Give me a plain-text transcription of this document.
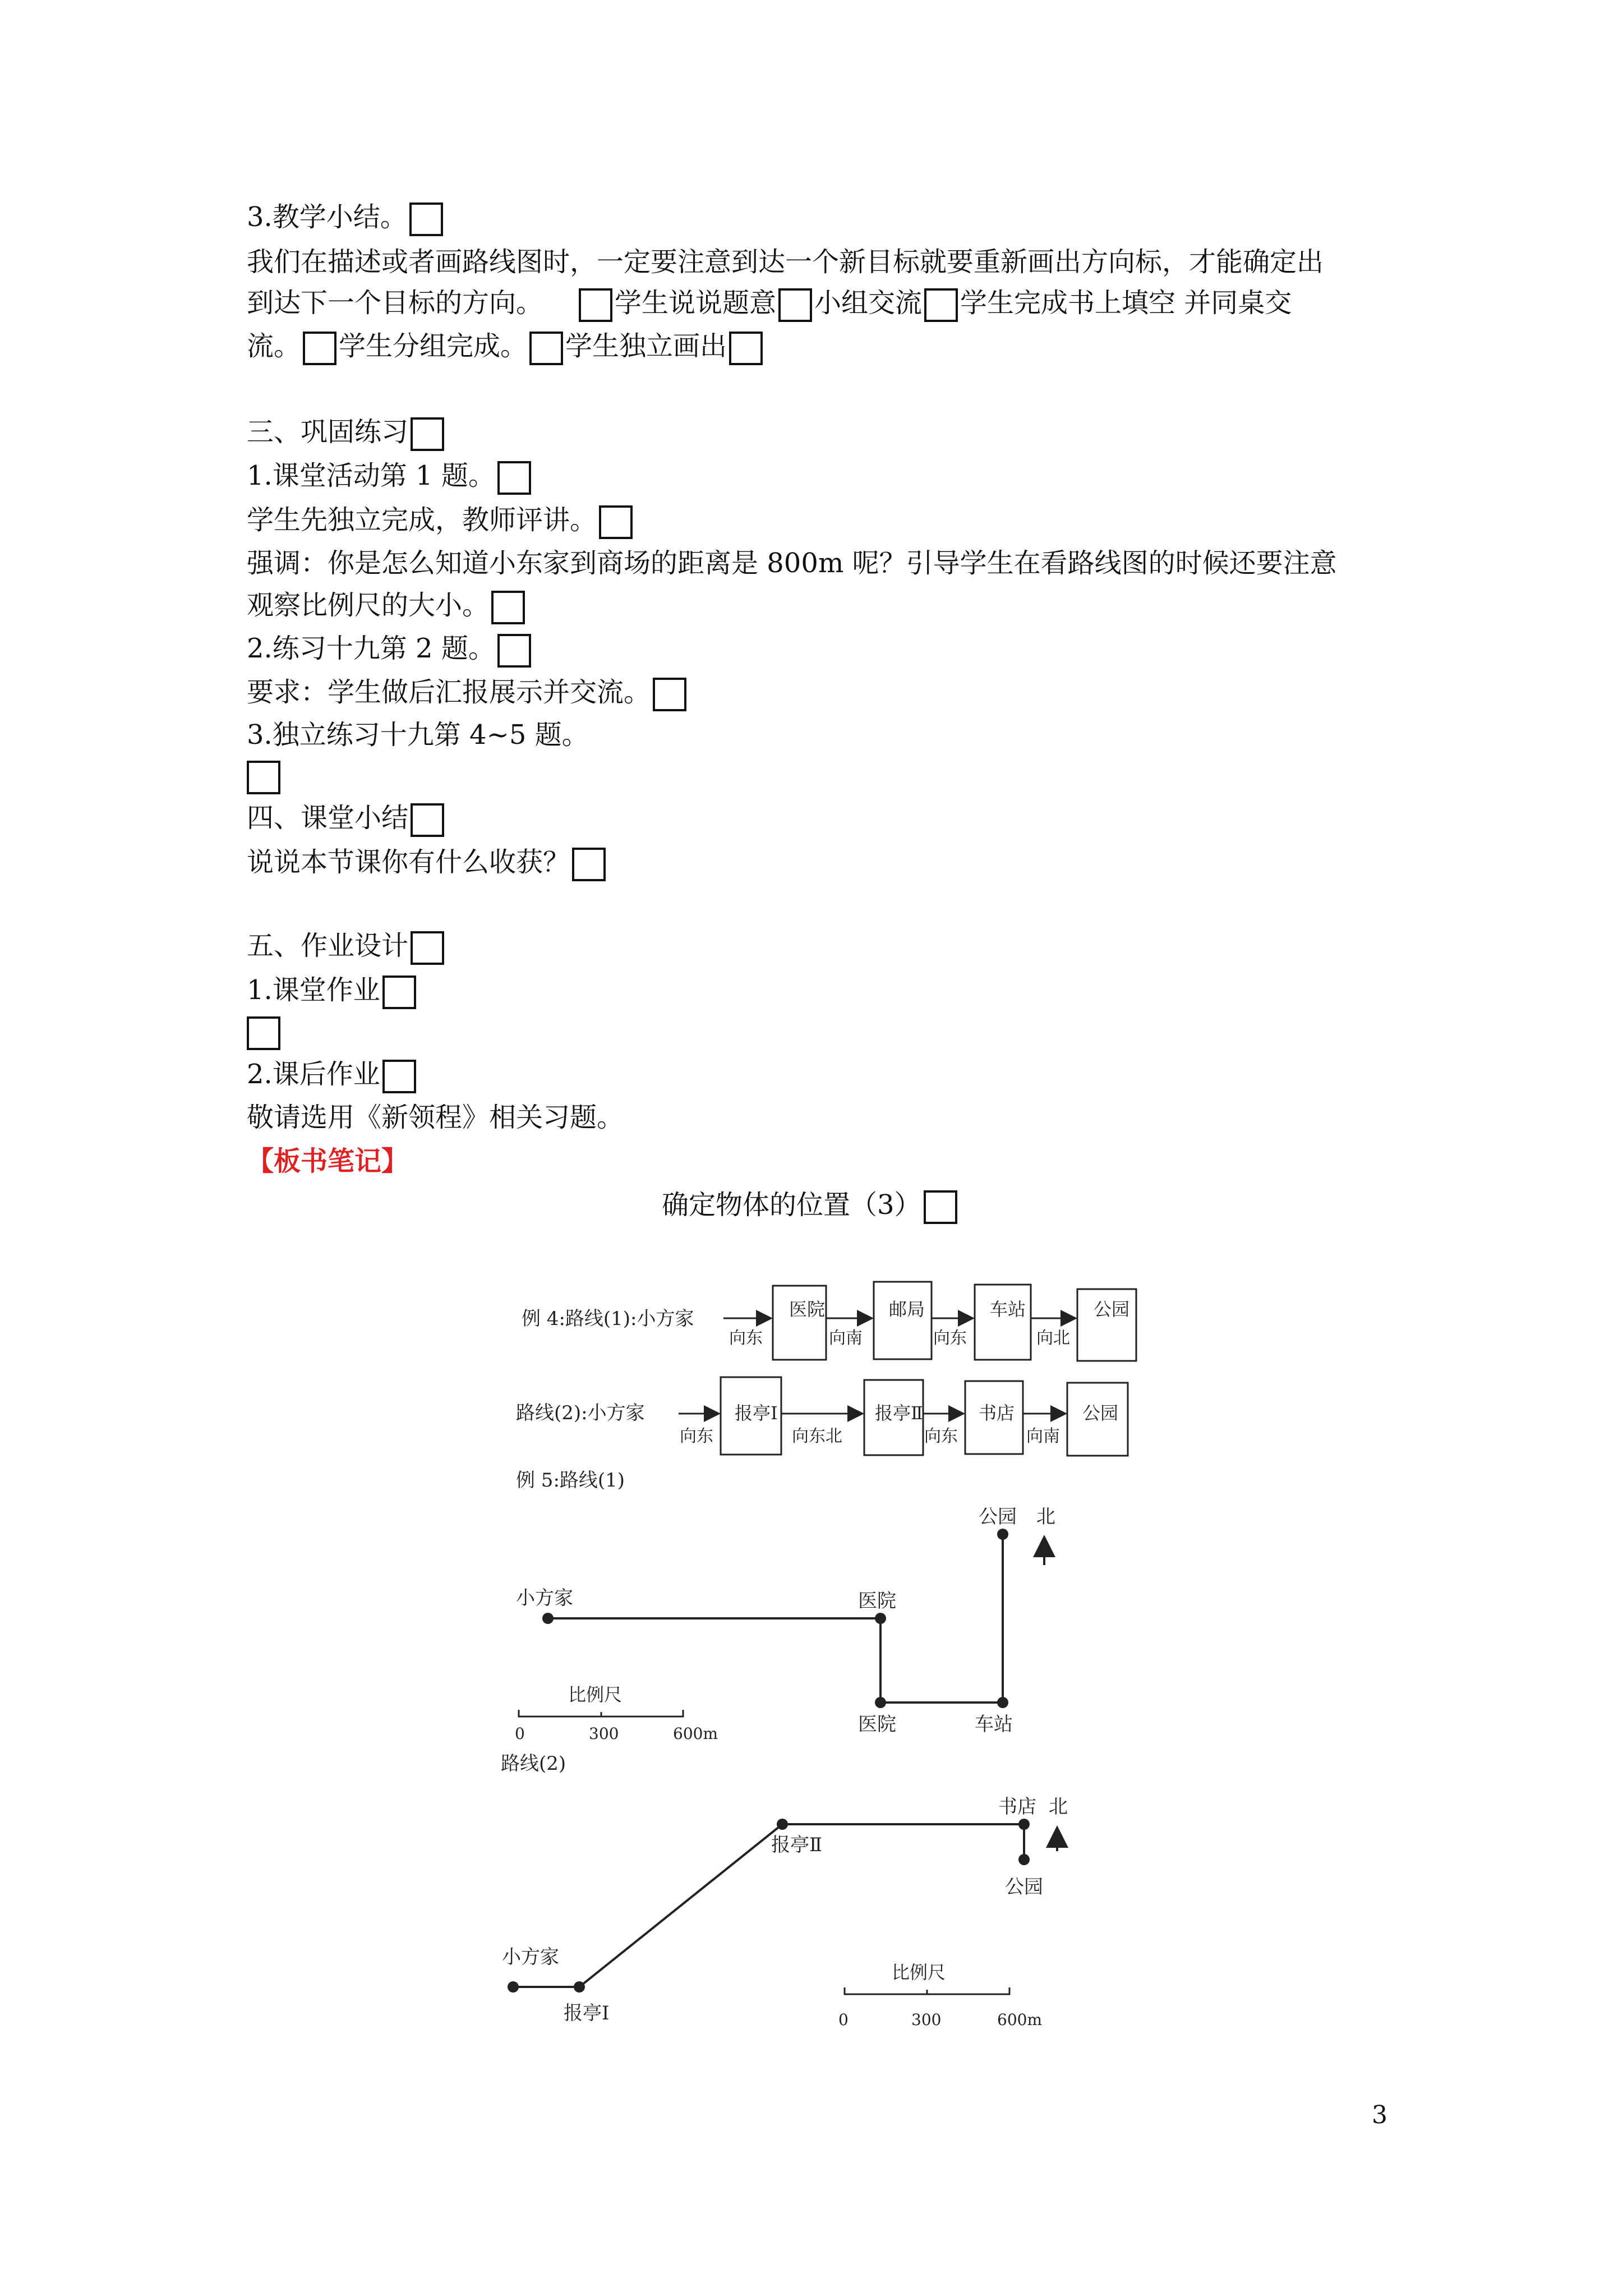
3.教学小结。
我们在描述或者画路线图时，一定要注意到达一个新目标就要重新画出方向标，才能确定出
到达下一个目标的方向。	学生说说题意 小组交流 学生完成书上填空 并同桌交
流。 学生分组完成。 学生独立画出
三、巩固练习
1.课堂活动第 1 题。
学生先独立完成，教师评讲。
强调：你是怎么知道小东家到商场的距离是 800m 呢？引导学生在看路线图的时候还要注意
观察比例尺的大小。
2.练习十九第 2 题。
要求：学生做后汇报展示并交流。
3.独立练习十九第 4~5 题。
四、课堂小结
说说本节课你有什么收获？
五、作业设计
1.课堂作业
2.课后作业
敬请选用《新领程》相关习题。
【板书笔记】
确定物体的位置（3）
例 4:路线(1):小方家
向东
医院
向南
邮局
向东
车站
向北
公园
路线(2):小方家
向东
报亭Ⅰ
向东北
报亭Ⅱ
向东
书店
向南
公园
例 5:路线(1)
小方家	医院
医院	车站
公园 北
比例尺
0	300	600m
路线(2)
小方家
报亭Ⅰ
报亭Ⅱ
书店
公园
北
比例尺
0	300	600m
3
